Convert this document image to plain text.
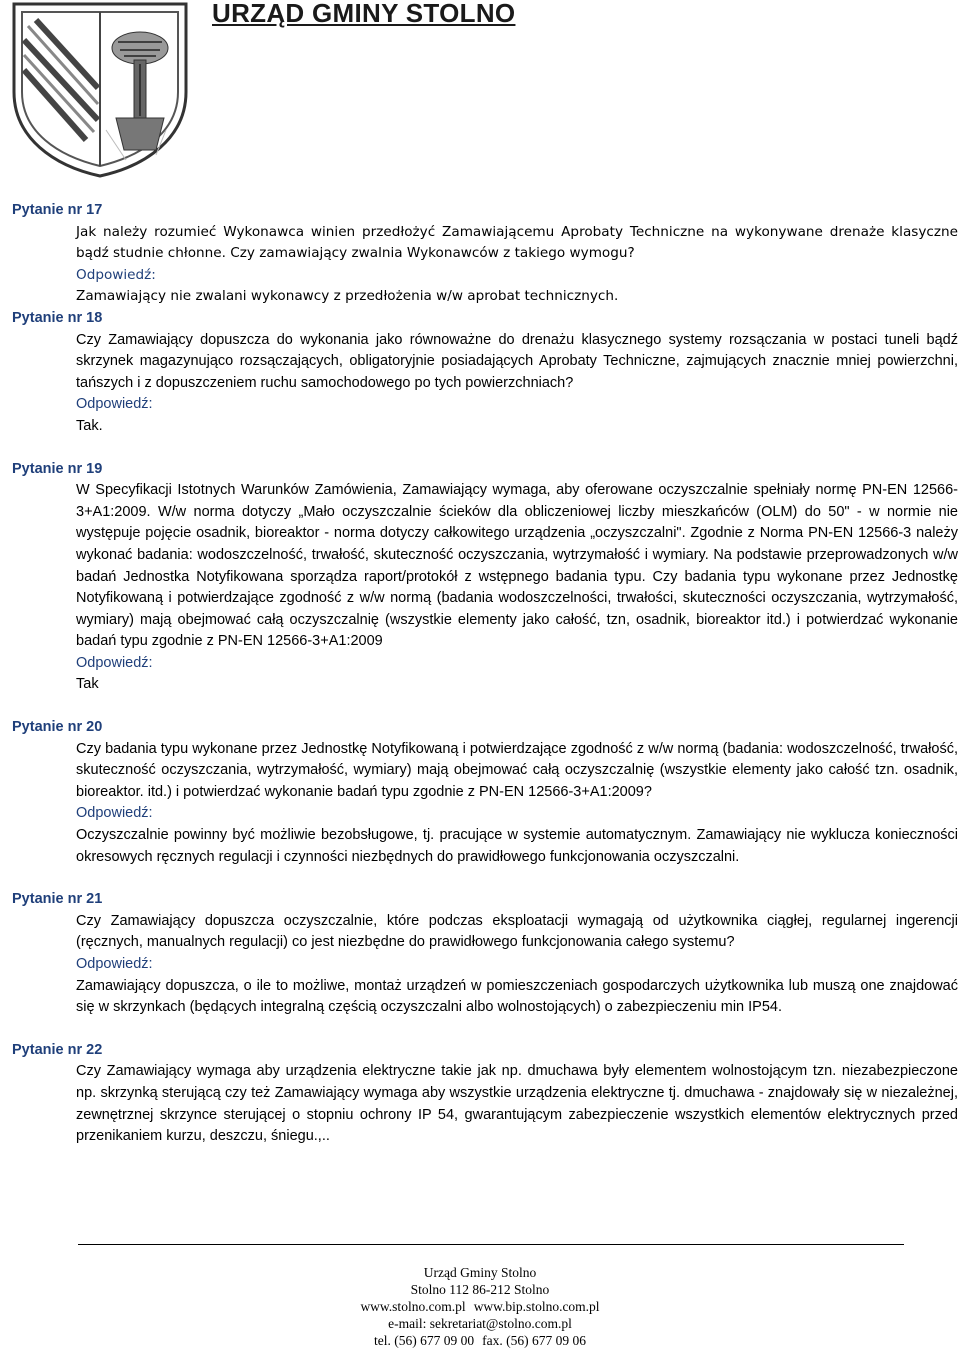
URZĄD GMINY STOLNO
Pytanie nr 17
Jak należy rozumieć Wykonawca winien przedłożyć Zamawiającemu Aprobaty Techniczne na wykonywane drenaże klasyczne bądź studnie chłonne. Czy zamawiający zwalnia Wykonawców z takiego wymogu?
Odpowiedź:
Zamawiający nie zwalani wykonawcy z przedłożenia w/w aprobat technicznych.
Pytanie nr 18
Czy Zamawiający dopuszcza do wykonania jako równoważne do drenażu klasycznego systemy rozsączania w postaci tuneli bądź skrzynek magazynująco rozsączających, obligatoryjnie posiadających Aprobaty Techniczne, zajmujących znacznie mniej powierzchni, tańszych i z dopuszczeniem ruchu samochodowego po tych powierzchniach?
Odpowiedź:
Tak.
Pytanie nr 19
W Specyfikacji Istotnych Warunków Zamówienia, Zamawiający wymaga, aby oferowane oczyszczalnie spełniały normę PN-EN 12566-3+A1:2009. W/w norma dotyczy „Mało oczyszczalnie ścieków dla obliczeniowej liczby mieszkańców (OLM) do 50" - w normie nie występuje pojęcie osadnik, bioreaktor - norma dotyczy całkowitego urządzenia „oczyszczalni". Zgodnie z Norma PN-EN 12566-3 należy wykonać badania: wodoszczelność, trwałość, skuteczność oczyszczania, wytrzymałość i wymiary. Na podstawie przeprowadzonych w/w badań Jednostka Notyfikowana sporządza raport/protokół z wstępnego badania typu. Czy badania typu wykonane przez Jednostkę Notyfikowaną i potwierdzające zgodność z w/w normą (badania wodoszczelności, trwałości, skuteczności oczyszczania, wytrzymałość, wymiary) mają obejmować całą oczyszczalnię (wszystkie elementy jako całość, tzn, osadnik, bioreaktor itd.) i potwierdzać wykonanie badań typu zgodnie z PN-EN 12566-3+A1:2009
Odpowiedź:
Tak
Pytanie nr 20
Czy badania typu wykonane przez Jednostkę Notyfikowaną i potwierdzające zgodność z w/w normą (badania: wodoszczelność, trwałość, skuteczność oczyszczania, wytrzymałość, wymiary) mają obejmować całą oczyszczalnię (wszystkie elementy jako całość tzn. osadnik, bioreaktor. itd.) i potwierdzać wykonanie badań typu zgodnie z PN-EN 12566-3+A1:2009?
Odpowiedź:
Oczyszczalnie powinny być możliwie bezobsługowe, tj. pracujące w systemie automatycznym. Zamawiający nie wyklucza konieczności okresowych ręcznych regulacji i czynności niezbędnych do prawidłowego funkcjonowania oczyszczalni.
Pytanie nr 21
Czy Zamawiający dopuszcza oczyszczalnie, które podczas eksploatacji wymagają od użytkownika ciągłej, regularnej ingerencji (ręcznych, manualnych regulacji) co jest niezbędne do prawidłowego funkcjonowania całego systemu?
Odpowiedź:
Zamawiający dopuszcza, o ile to możliwe, montaż urządzeń w pomieszczeniach gospodarczych użytkownika lub muszą one znajdować się w skrzynkach (będących integralną częścią oczyszczalni albo wolnostojących) o zabezpieczeniu min IP54.
Pytanie nr 22
Czy Zamawiający wymaga aby urządzenia elektryczne takie jak np. dmuchawa były elementem wolnostojącym tzn. niezabezpieczone np. skrzynką sterującą czy też Zamawiający wymaga aby wszystkie urządzenia elektryczne tj. dmuchawa - znajdowały się w niezależnej, zewnętrznej skrzynce sterującej o stopniu ochrony IP 54, gwarantującym zabezpieczenie wszystkich elementów elektrycznych przed przenikaniem kurzu, deszczu, śniegu.,..
Urząd Gminy Stolno
Stolno 112 86-212 Stolno
www.stolno.com.pl www.bip.stolno.com.pl
e-mail: sekretariat@stolno.com.pl
tel. (56) 677 09 00 fax. (56) 677 09 06
